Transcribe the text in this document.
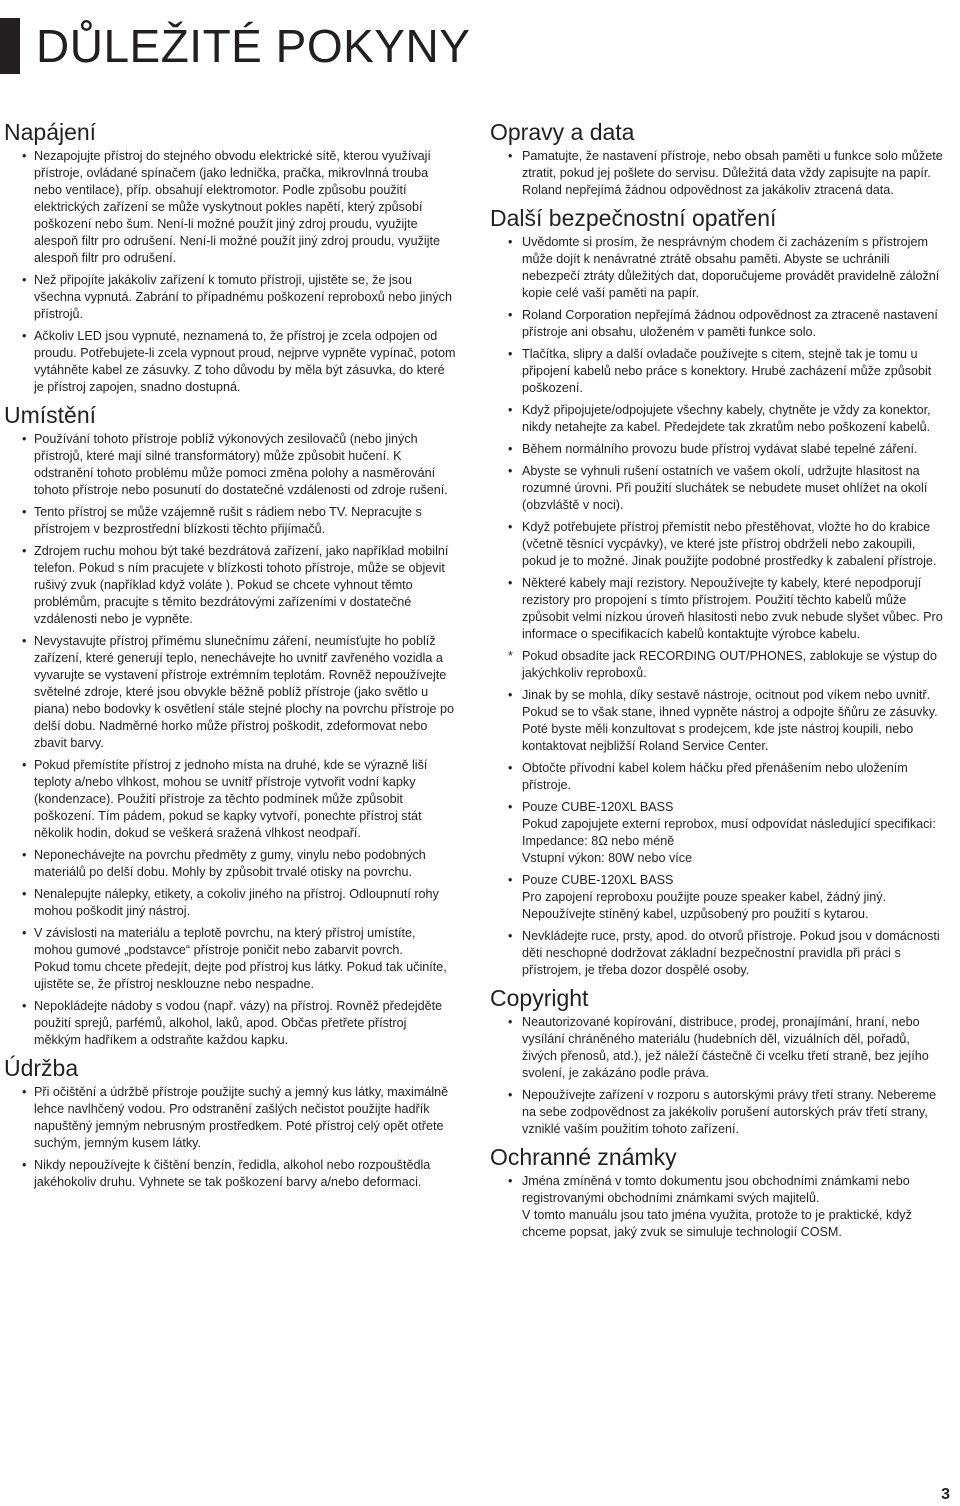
DŮLEŽITÉ POKYNY
Napájení
• Nezapojujte přístroj do stejného obvodu elektrické sítě, kterou využívají přístroje, ovládané spínačem (jako lednička, pračka, mikrovlnná trouba nebo ventilace), příp. obsahují elektromotor. Podle způsobu použití elektrických zařízení se může vyskytnout pokles napětí, který způsobí poškození nebo šum. Není-li možné použít jiný zdroj proudu, využijte alespoň filtr pro odrušení. Není-li možné použít jiný zdroj proudu, využijte alespoň filtr pro odrušení.
• Než připojíte jakákoliv zařízení k tomuto přístroji, ujistěte se, že jsou všechna vypnutá. Zabrání to případnému poškození reproboxů nebo jiných přístrojů.
• Ačkoliv LED jsou vypnuté, neznamená to, že přístroj je zcela odpojen od proudu. Potřebujete-li zcela vypnout proud, nejprve vypněte vypínač, potom vytáhněte kabel ze zásuvky. Z toho důvodu by měla být zásuvka, do které je přístroj zapojen, snadno dostupná.
Umístění
• Používání tohoto přístroje poblíž výkonových zesilovačů (nebo jiných přístrojů, které mají silné transformátory) může způsobit hučení. K odstranění tohoto problému může pomoci změna polohy a nasměrování tohoto přístroje nebo posunutí do dostatečné vzdálenosti od zdroje rušení.
• Tento přístroj se může vzájemně rušit s rádiem nebo TV. Nepracujte s přístrojem v bezprostřední blízkosti těchto přijímačů.
• Zdrojem ruchu mohou být také bezdrátová zařízení, jako například mobilní telefon. Pokud s ním pracujete v blízkosti tohoto přístroje, může se objevit rušivý zvuk (například když voláte ). Pokud se chcete vyhnout těmto problémům, pracujte s těmito bezdrátovými zařízeními v dostatečné vzdálenosti nebo je vypněte.
• Nevystavujte přístroj přímému slunečnímu záření, neumísťujte ho poblíž zařízení, které generují teplo, nenechávejte ho uvnitř zavřeného vozidla a vyvarujte se vystavení přístroje extrémním teplotám. Rovněž nepoužívejte světelné zdroje, které jsou obvykle běžně poblíž přístroje (jako světlo u piana) nebo bodovky k osvětlení stále stejné plochy na povrchu přístroje po delší dobu. Nadměrné horko může přístroj poškodit, zdeformovat nebo zbavit barvy.
• Pokud přemístíte přístroj z jednoho místa na druhé, kde se výrazně liší teploty a/nebo vlhkost, mohou se uvnitř přístroje vytvořit vodní kapky (kondenzace). Použití přístroje za těchto podmínek může způsobit poškození. Tím pádem, pokud se kapky vytvoří, ponechte přístroj stát několik hodin, dokud se veškerá sražená vlhkost neodpaří.
• Neponechávejte na povrchu předměty z gumy, vinylu nebo podobných materiálů po delší dobu. Mohly by způsobit trvalé otisky na povrchu.
• Nenalepujte nálepky, etikety, a cokoliv jiného na přístroj. Odloupnutí rohy mohou poškodit jiný nástroj.
• V závislosti na materiálu a teplotě povrchu, na který přístroj umístíte, mohou gumové „podstavce“ přístroje poničit nebo zabarvit povrch.
Pokud tomu chcete předejít, dejte pod přístroj kus látky. Pokud tak učiníte, ujistěte se, že přístroj nesklouzne nebo nespadne.
• Nepokládejte nádoby s vodou (např. vázy) na přístroj. Rovněž předejděte použití sprejů, parfémů, alkohol, laků, apod. Občas přetřete přístroj měkkým hadříkem a odstraňte každou kapku.
Údržba
• Při očištění a údržbě přístroje použijte suchý a jemný kus látky, maximálně lehce navlhčený vodou. Pro odstranění zašlých nečistot použijte hadřík napuštěný jemným nebrusným prostředkem. Poté přístroj celý opět otřete suchým, jemným kusem látky.
• Nikdy nepoužívejte k čištění benzín, ředidla, alkohol nebo rozpouštědla jakéhokoliv druhu. Vyhnete se tak poškození barvy a/nebo deformaci.
Opravy a data
• Pamatujte, že nastavení přístroje, nebo obsah paměti u funkce solo můžete ztratit, pokud jej pošlete do servisu. Důležitá data vždy zapisujte na papír. Roland nepřejímá žádnou odpovědnost za jakákoliv ztracená data.
Další bezpečnostní opatření
• Uvědomte si prosím, že nesprávným chodem či zacházením s přístrojem může dojít k nenávratné ztrátě obsahu paměti. Abyste se uchránili nebezpečí ztráty důležitých dat, doporučujeme provádět pravidelně záložní kopie celé vaší paměti na papír.
• Roland Corporation nepřejímá žádnou odpovědnost za ztracené nastavení přístroje ani obsahu, uloženém v paměti funkce solo.
• Tlačítka, slipry a další ovladače používejte s citem, stejně tak je tomu u připojení kabelů nebo práce s konektory. Hrubé zacházení může způsobit poškození.
• Když připojujete/odpojujete všechny kabely, chytněte je vždy za konektor, nikdy netahejte za kabel. Předejdete tak zkratům nebo poškození kabelů.
• Během normálního provozu bude přístroj vydávat slabé tepelné záření.
• Abyste se vyhnuli rušení ostatních ve vašem okolí, udržujte hlasitost na rozumné úrovni. Při použití sluchátek se nebudete muset ohlížet na okolí (obzvláště v noci).
• Když potřebujete přístroj přemístit nebo přestěhovat, vložte ho do krabice (včetně těsnící vycpávky), ve které jste přístroj obdrželi nebo zakoupili, pokud je to možné. Jinak použijte podobné prostředky k zabalení přístroje.
• Některé kabely mají rezistory. Nepoužívejte ty kabely, které nepodporují rezistory pro propojení s tímto přístrojem. Použití těchto kabelů může způsobit velmi nízkou úroveň hlasitosti nebo zvuk nebude slyšet vůbec. Pro informace o specifikacích kabelů kontaktujte výrobce kabelu.
* Pokud obsadíte jack RECORDING OUT/PHONES, zablokuje se výstup do jakýchkoliv reproboxů.
• Jinak by se mohla, díky sestavě nástroje, ocitnout pod víkem nebo uvnitř. Pokud se to však stane, ihned vypněte nástroj a odpojte šňůru ze zásuvky. Poté byste měli konzultovat s prodejcem, kde jste nástroj koupili, nebo kontaktovat nejbližší Roland Service Center.
• Obtočte přívodní kabel kolem háčku před přenášením nebo uložením přístroje.
• Pouze CUBE-120XL BASS
Pokud zapojujete externí reprobox, musí odpovídat následující specifikaci:
Impedance: 8Ω nebo méně
Vstupní výkon: 80W nebo více
• Pouze CUBE-120XL BASS
Pro zapojení reproboxu použijte pouze speaker kabel, žádný jiný. Nepoužívejte stíněný kabel, uzpůsobený pro použití s kytarou.
• Nevkládejte ruce, prsty, apod. do otvorů přístroje. Pokud jsou v domácnosti děti neschopné dodržovat základní bezpečnostní pravidla při práci s přístrojem, je třeba dozor dospělé osoby.
Copyright
• Neautorizované kopírování, distribuce, prodej, pronajímání, hraní, nebo vysílání chráněného materiálu (hudebních děl, vizuálních děl, pořadů, živých přenosů, atd.), jež náleží částečně či vcelku třetí straně, bez jejího svolení, je zakázáno podle práva.
• Nepoužívejte zařízení v rozporu s autorskými právy třetí strany. Nebereme na sebe zodpovědnost za jakékoliv porušení autorských práv třetí strany, vzniklé vaším použitím tohoto zařízení.
Ochranné známky
• Jména zmíněná v tomto dokumentu jsou obchodními známkami nebo registrovanými obchodními známkami svých majitelů.
V tomto manuálu jsou tato jména využita, protože to je praktické, když chceme popsat, jaký zvuk se simuluje technologií COSM.
3
